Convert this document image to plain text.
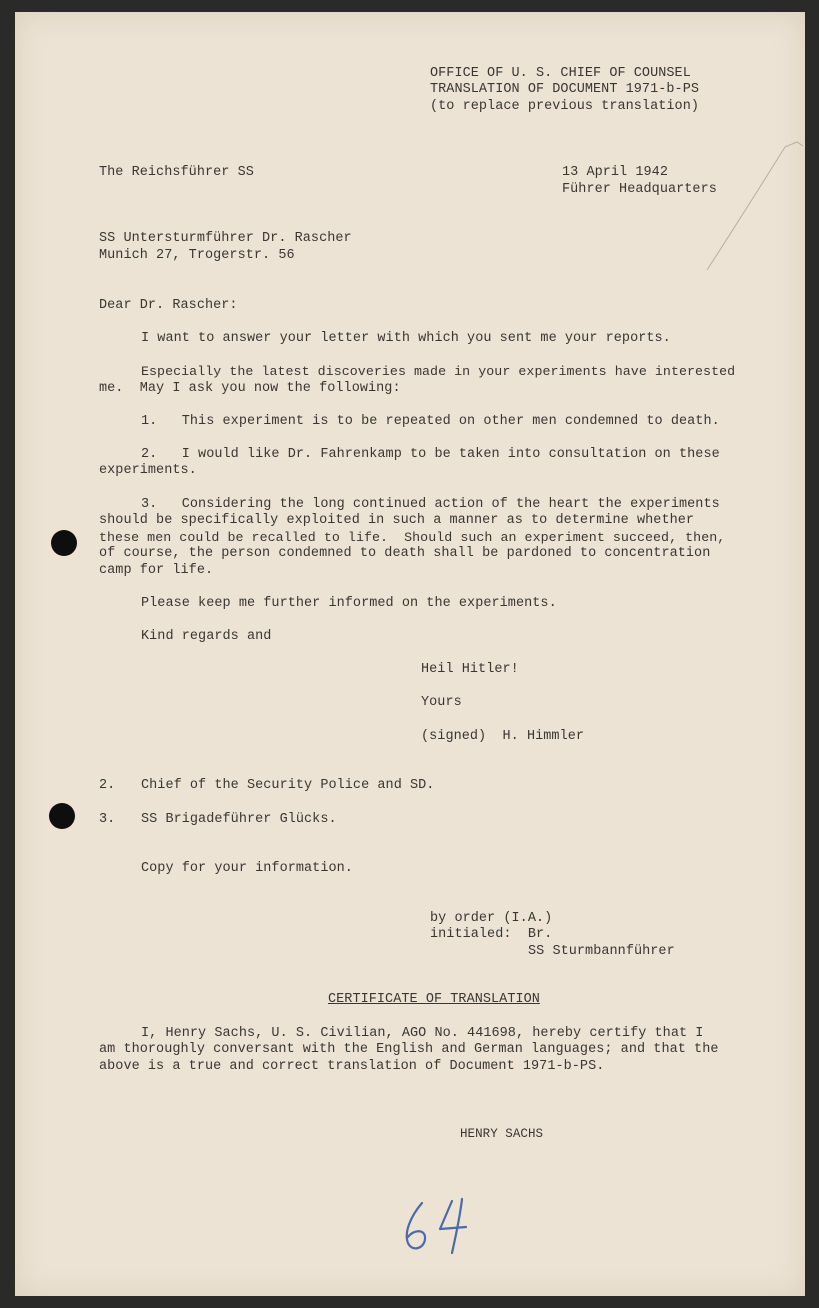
OFFICE OF U. S. CHIEF OF COUNSEL

TRANSLATION OF DOCUMENT 1971-b-PS

(to replace previous translation)

The Reichsführer SS	13 April 1942

Führer Headquarters

SS Untersturmführer Dr. Rascher

Munich 27, Trogerstr. 56

Dear Dr. Rascher:

I want to answer your letter with which you sent me your reports.

Especially the latest discoveries made in your experiments have interested

me.  May I ask you now the following:

1.   This experiment is to be repeated on other men condemned to death.

2.   I would like Dr. Fahrenkamp to be taken into consultation on these

experiments.

3.   Considering the long continued action of the heart the experiments

should be specifically exploited in such a manner as to determine whether

these men could be recalled to life.  Should such an experiment succeed, then,

of course, the person condemned to death shall be pardoned to concentration

camp for life.

Please keep me further informed on the experiments.

Kind regards and

Heil Hitler!

Yours

(signed)  H. Himmler

2. Chief of the Security Police and SD.

3. SS Brigadeführer Glücks.

Copy for your information.

by order (I.A.)

initialed:  Br.

SS Sturmbannführer

CERTIFICATE OF TRANSLATION

I, Henry Sachs, U. S. Civilian, AGO No. 441698, hereby certify that I

am thoroughly conversant with the English and German languages; and that the

above is a true and correct translation of Document 1971-b-PS.

HENRY SACHS
